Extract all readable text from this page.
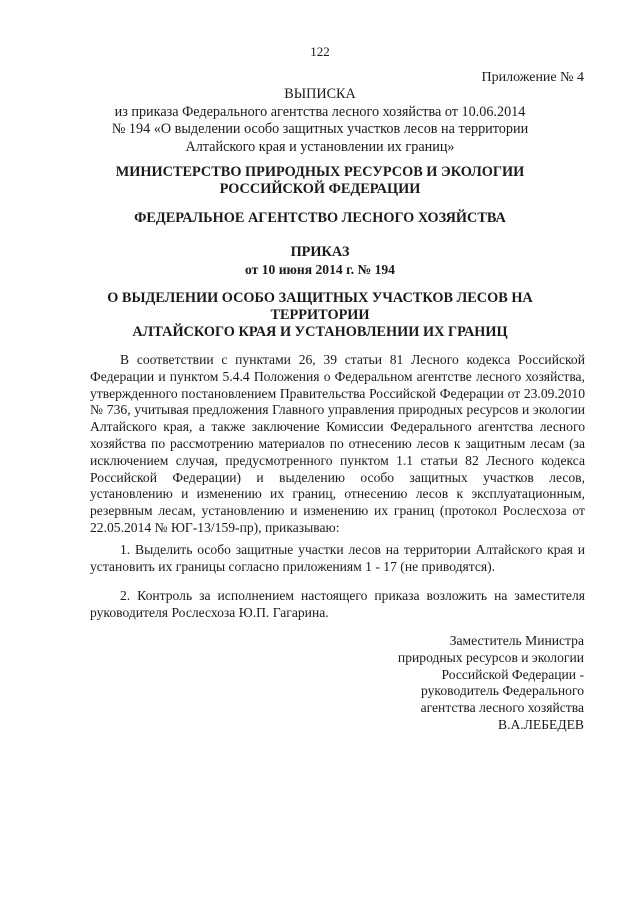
122
Приложение № 4
ВЫПИСКА
из приказа Федерального агентства лесного хозяйства от 10.06.2014
№ 194 «О выделении особо защитных участков лесов на территории
Алтайского края и установлении их границ»
МИНИСТЕРСТВО ПРИРОДНЫХ РЕСУРСОВ И ЭКОЛОГИИ
РОССИЙСКОЙ ФЕДЕРАЦИИ
ФЕДЕРАЛЬНОЕ АГЕНТСТВО ЛЕСНОГО ХОЗЯЙСТВА
ПРИКАЗ
от 10 июня 2014 г. № 194
О ВЫДЕЛЕНИИ ОСОБО ЗАЩИТНЫХ УЧАСТКОВ ЛЕСОВ НА
ТЕРРИТОРИИ
АЛТАЙСКОГО КРАЯ И УСТАНОВЛЕНИИ ИХ ГРАНИЦ

В соответствии с пунктами 26, 39 статьи 81 Лесного кодекса Российской Федерации и пунктом 5.4.4 Положения о Федеральном агентстве лесного хозяйства, утвержденного постановлением Правительства Российской Федерации от 23.09.2010 № 736, учитывая предложения Главного управления природных ресурсов и экологии Алтайского края, а также заключение Комиссии Федерального агентства лесного хозяйства по рассмотрению материалов по отнесению лесов к защитным лесам (за исключением случая, предусмотренного пунктом 1.1 статьи 82 Лесного кодекса Российской Федерации) и выделению особо защитных участков лесов, установлению и изменению их границ, отнесению лесов к эксплуатационным, резервным лесам, установлению и изменению их границ (протокол Рослесхоза от 22.05.2014 № ЮГ-13/159-пр), приказываю:

1. Выделить особо защитные участки лесов на территории Алтайского края и установить их границы согласно приложениям 1 - 17 (не приводятся).

2. Контроль за исполнением настоящего приказа возложить на заместителя руководителя Рослесхоза Ю.П. Гагарина.

Заместитель Министра
природных ресурсов и экологии
Российской Федерации -
руководитель Федерального
агентства лесного хозяйства
В.А.ЛЕБЕДЕВ
